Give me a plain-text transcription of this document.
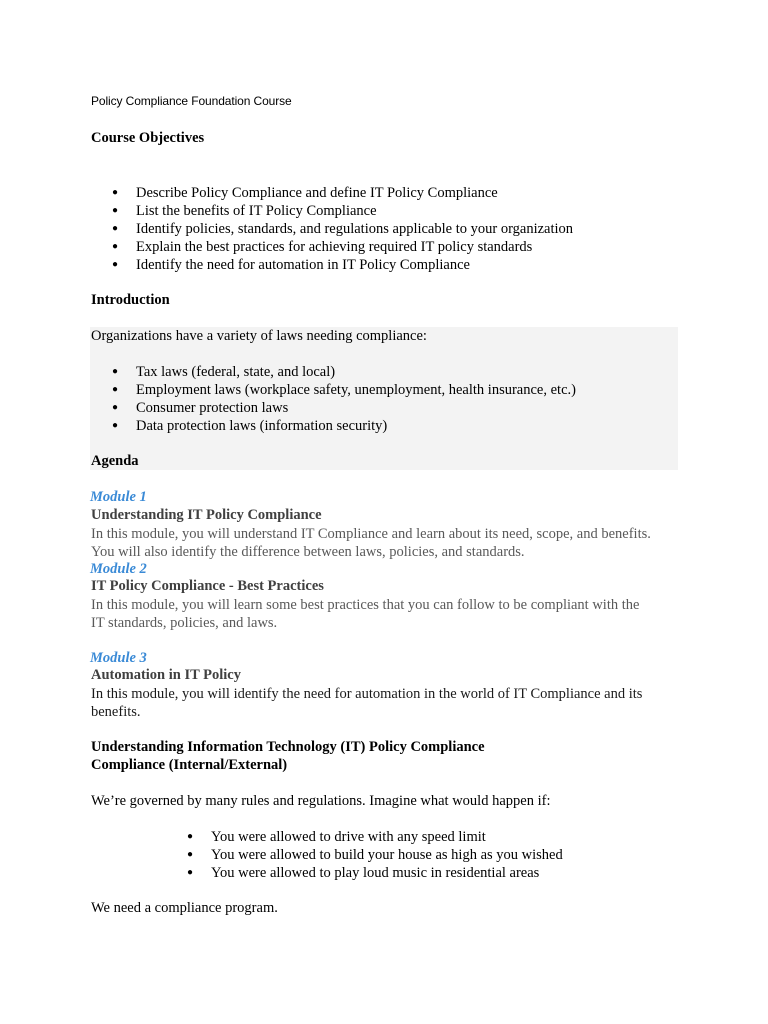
Policy Compliance Foundation Course
Course Objectives
● Describe Policy Compliance and define IT Policy Compliance
● List the benefits of IT Policy Compliance
● Identify policies, standards, and regulations applicable to your organization
● Explain the best practices for achieving required IT policy standards
● Identify the need for automation in IT Policy Compliance
Introduction
Organizations have a variety of laws needing compliance:
● Tax laws (federal, state, and local)
● Employment laws (workplace safety, unemployment, health insurance, etc.)
● Consumer protection laws
● Data protection laws (information security)
Agenda
Module 1
Understanding IT Policy Compliance
In this module, you will understand IT Compliance and learn about its need, scope, and benefits.
You will also identify the difference between laws, policies, and standards.
Module 2
IT Policy Compliance - Best Practices
In this module, you will learn some best practices that you can follow to be compliant with the
IT standards, policies, and laws.
Module 3
Automation in IT Policy
In this module, you will identify the need for automation in the world of IT Compliance and its
benefits.
Understanding Information Technology (IT) Policy Compliance
Compliance (Internal/External)
We’re governed by many rules and regulations. Imagine what would happen if:
● You were allowed to drive with any speed limit
● You were allowed to build your house as high as you wished
● You were allowed to play loud music in residential areas
We need a compliance program.
